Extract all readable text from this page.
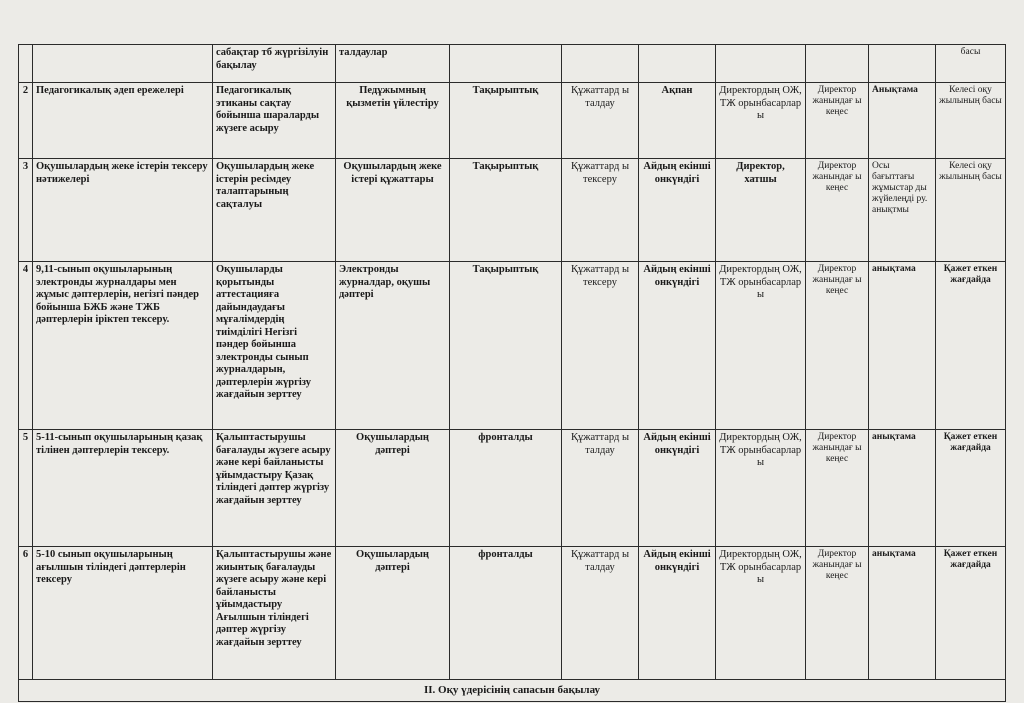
		сабақтар тб жүргізілуін бақылау	талдаулар							басы
2	Педагогикалық әдеп ережелері	Педагогикалық этиканы сақтау бойынша шараларды жүзеге асыру	Педұжымның қызметін үйлестіру	Тақырыптық	Құжаттард ы талдау	Ақпан	Директордың ОЖ, ТЖ орынбасарлар ы	Директор жанындағ ы кеңес	Анықтама	Келесі оқу жылының басы
3	Оқушылардың жеке істерін тексеру нәтижелері	Оқушылардың жеке істерін ресімдеу талаптарының сақталуы	Оқушылардың жеке істері құжаттары	Тақырыптық	Құжаттард ы тексеру	Айдың екінші онкүндігі	Директор, хатшы	Директор жанындағ ы кеңес	Осы бағыттағы жұмыстар ды жүйелеңді ру. анықтмы	Келесі оқу жылының басы
4	9,11-сынып оқушыларының электронды журналдары мен жұмыс дәптерлерін, негізгі пәндер бойынша БЖБ және ТЖБ дәптерлерін іріктеп тексеру.	Оқушыларды қорытынды аттестацияға дайындаудағы мұғалімдердің тиімділігі Негізгі пәндер бойынша электронды сынып журналдарын, дәптерлерін жүргізу жағдайын зерттеу	Электронды журналдар, оқушы дәптері	Тақырыптық	Құжаттард ы тексеру	Айдың екінші онкүндігі	Директордың ОЖ, ТЖ орынбасарлар ы	Директор жанындағ ы кеңес	анықтама	Қажет еткен жағдайда
5	5-11-сынып оқушыларының қазақ тілінен дәптерлерін тексеру.	Қалыптастырушы бағалауды жүзеге асыру және кері байланысты ұйымдастыру Қазақ тіліндегі дәптер жүргізу жағдайын зерттеу	Оқушылардың дәптері	фронталды	Құжаттард ы талдау	Айдың екінші онкүндігі	Директордың ОЖ, ТЖ орынбасарлар ы	Директор жанындағ ы кеңес	анықтама	Қажет еткен жағдайда
6	5-10 сынып оқушыларының ағылшын тіліндегі дәптерлерін тексеру	Қалыптастырушы және жиынтық бағалауды жүзеге асыру және кері байланысты ұйымдастыру Ағылшын тіліндегі дәптер жүргізу жағдайын зерттеу	Оқушылардың дәптері	фронталды	Құжаттард ы талдау	Айдың екінші онкүндігі	Директордың ОЖ, ТЖ орынбасарлар ы	Директор жанындағ ы кеңес	анықтама	Қажет еткен жағдайда
II. Оқу үдерісінің сапасын бақылау										
